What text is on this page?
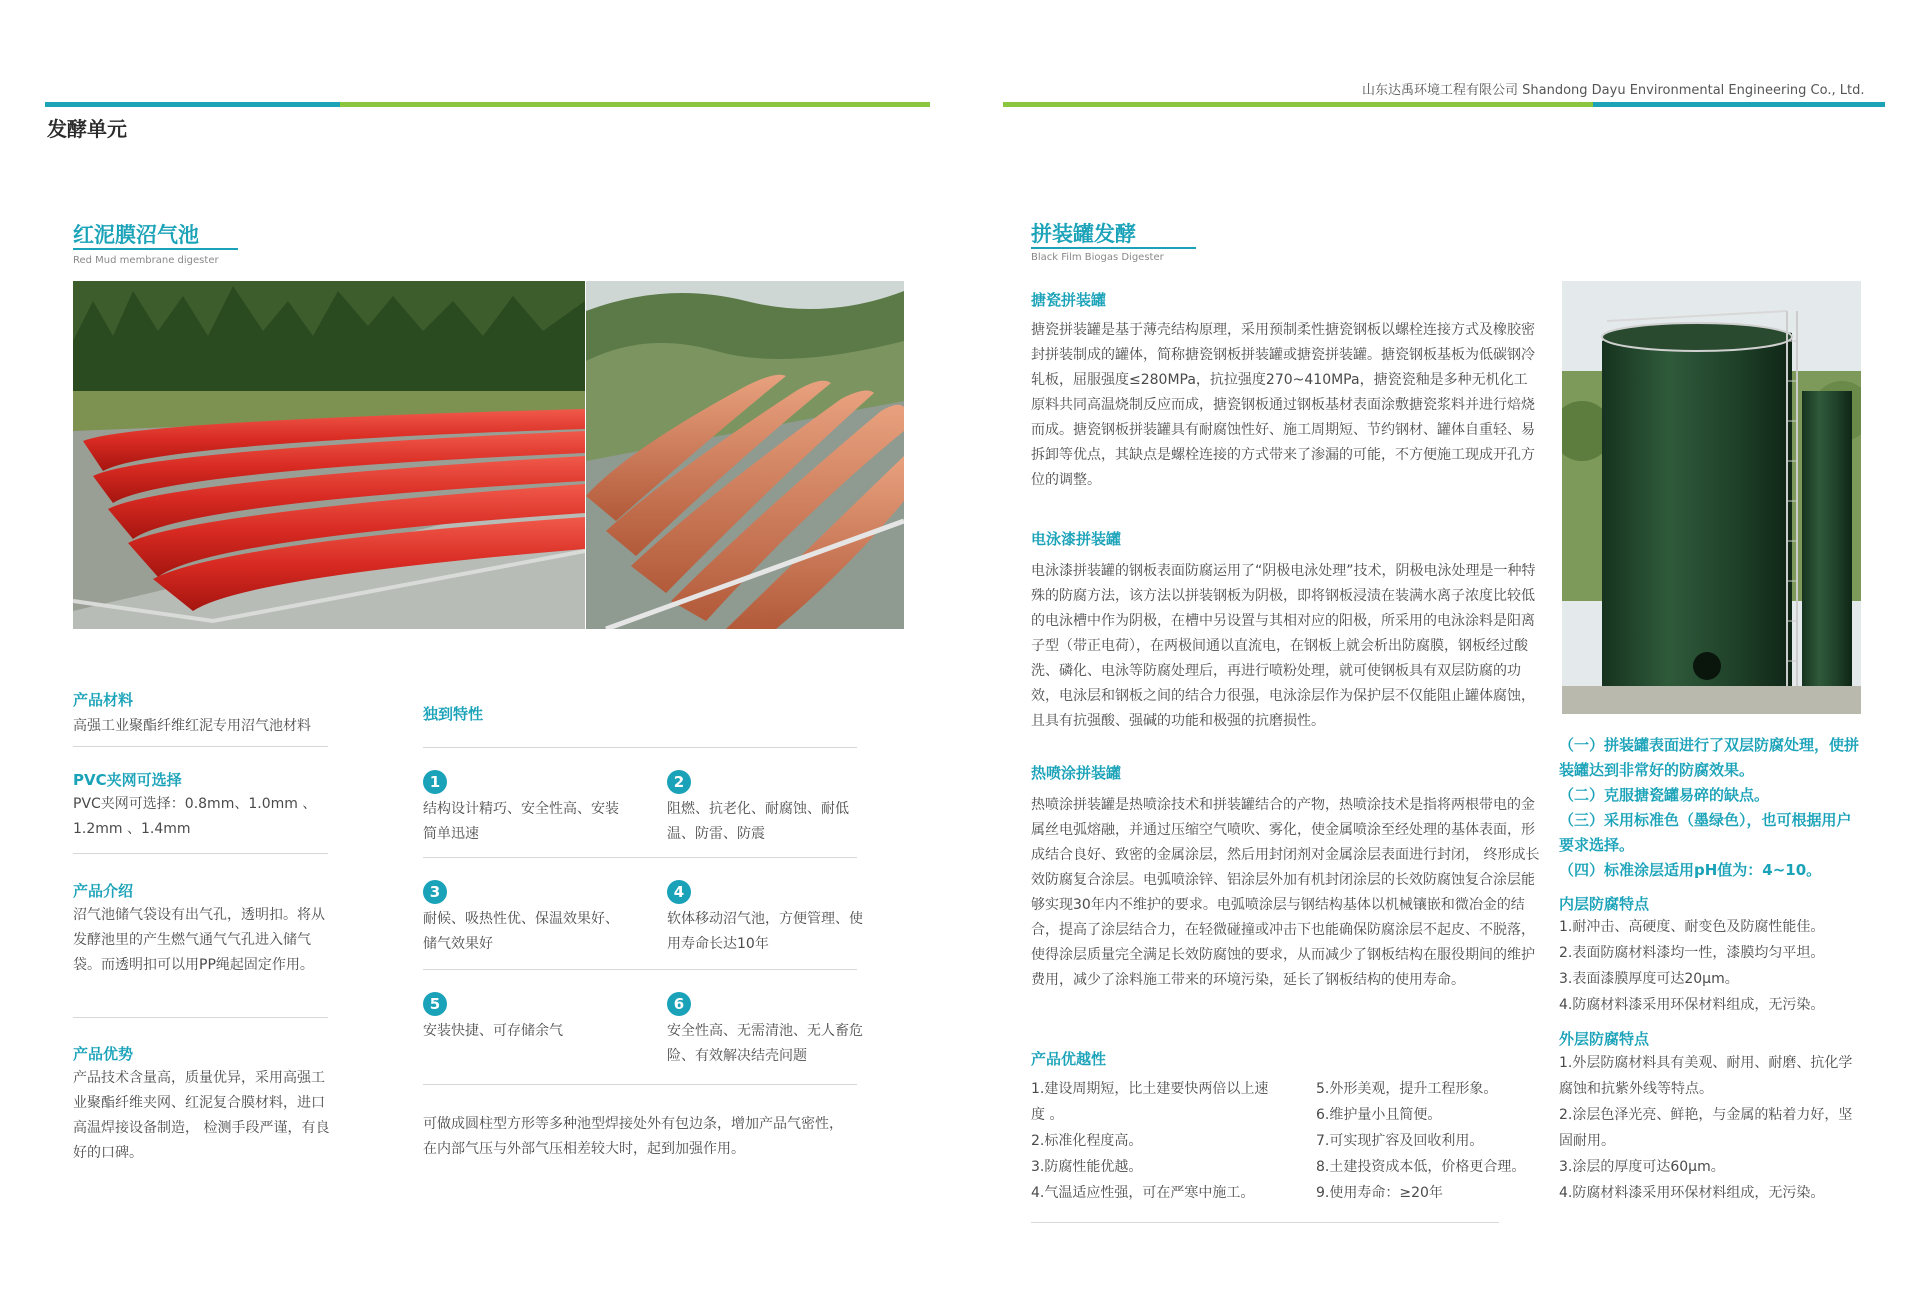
发酵单元
山东达禹环境工程有限公司 Shandong Dayu Environmental Engineering Co., Ltd.
红泥膜沼气池
Red Mud membrane digester
产品材料
高强工业聚酯纤维红泥专用沼气池材料
PVC夹网可选择
PVC夹网可选择：0.8mm、1.0mm 、1.2mm 、1.4mm
产品介绍
沼气池储气袋设有出气孔，透明扣。将从发酵池里的产生燃气通气气孔进入储气袋。而透明扣可以用PP绳起固定作用。
产品优势
产品技术含量高，质量优异，采用高强工业聚酯纤维夹网、红泥复合膜材料，进口高温焊接设备制造， 检测手段严谨，有良好的口碑。
独到特性
1
结构设计精巧、安全性高、安装简单迅速
2
阻燃、抗老化、耐腐蚀、耐低温、防雷、防震
3
耐候、吸热性优、保温效果好、储气效果好
4
软体移动沼气池，方便管理、使用寿命长达10年
5
安装快捷、可存储余气
6
安全性高、无需清池、无人畜危险、有效解决结壳问题
可做成圆柱型方形等多种池型焊接处外有包边条，增加产品气密性，在内部气压与外部气压相差较大时，起到加强作用。
拼装罐发酵
Black Film Biogas Digester
搪瓷拼装罐
搪瓷拼装罐是基于薄壳结构原理，采用预制柔性搪瓷钢板以螺栓连接方式及橡胶密封拼装制成的罐体，简称搪瓷钢板拼装罐或搪瓷拼装罐。搪瓷钢板基板为低碳钢冷轧板，屈服强度≤280MPa，抗拉强度270~410MPa，搪瓷瓷釉是多种无机化工原料共同高温烧制反应而成，搪瓷钢板通过钢板基材表面涂敷搪瓷浆料并进行焙烧而成。搪瓷钢板拼装罐具有耐腐蚀性好、施工周期短、节约钢材、罐体自重轻、易拆卸等优点，其缺点是螺栓连接的方式带来了渗漏的可能，不方便施工现成开孔方位的调整。
电泳漆拼装罐
电泳漆拼装罐的钢板表面防腐运用了“阴极电泳处理”技术，阴极电泳处理是一种特殊的防腐方法，该方法以拼装钢板为阴极，即将钢板浸渍在装满水离子浓度比较低的电泳槽中作为阴极，在槽中另设置与其相对应的阳极，所采用的电泳涂料是阳离子型（带正电荷），在两极间通以直流电，在钢板上就会析出防腐膜，钢板经过酸洗、磷化、电泳等防腐处理后，再进行喷粉处理，就可使钢板具有双层防腐的功效，电泳层和钢板之间的结合力很强，电泳涂层作为保护层不仅能阻止罐体腐蚀，且具有抗强酸、强碱的功能和极强的抗磨损性。
热喷涂拼装罐
热喷涂拼装罐是热喷涂技术和拼装罐结合的产物，热喷涂技术是指将两根带电的金属丝电弧熔融，并通过压缩空气喷吹、雾化，使金属喷涂至经处理的基体表面，形成结合良好、致密的金属涂层，然后用封闭剂对金属涂层表面进行封闭， 终形成长效防腐复合涂层。电弧喷涂锌、铝涂层外加有机封闭涂层的长效防腐蚀复合涂层能够实现30年内不维护的要求。电弧喷涂层与钢结构基体以机械镶嵌和微冶金的结合，提高了涂层结合力，在轻微碰撞或冲击下也能确保防腐涂层不起皮、不脱落，使得涂层质量完全满足长效防腐蚀的要求，从而减少了钢板结构在服役期间的维护费用，减少了涂料施工带来的环境污染，延长了钢板结构的使用寿命。
产品优越性
1.建设周期短，比土建要快两倍以上速度 。
2.标准化程度高。
3.防腐性能优越。
4.气温适应性强，可在严寒中施工。
5.外形美观，提升工程形象。
6.维护量小且简便。
7.可实现扩容及回收利用。
8.土建投资成本低，价格更合理。
9.使用寿命：≥20年
（一）拼装罐表面进行了双层防腐处理，使拼装罐达到非常好的防腐效果。
（二）克服搪瓷罐易碎的缺点。
（三）采用标准色（墨绿色），也可根据用户要求选择。
（四）标准涂层适用pH值为：4~10。
内层防腐特点
1.耐冲击、高硬度、耐变色及防腐性能佳。
2.表面防腐材料漆均一性，漆膜均匀平坦。
3.表面漆膜厚度可达20μm。
4.防腐材料漆采用环保材料组成，无污染。
外层防腐特点
1.外层防腐材料具有美观、耐用、耐磨、抗化学腐蚀和抗紫外线等特点。
2.涂层色泽光亮、鲜艳，与金属的粘着力好，坚固耐用。
3.涂层的厚度可达60μm。
4.防腐材料漆采用环保材料组成，无污染。
